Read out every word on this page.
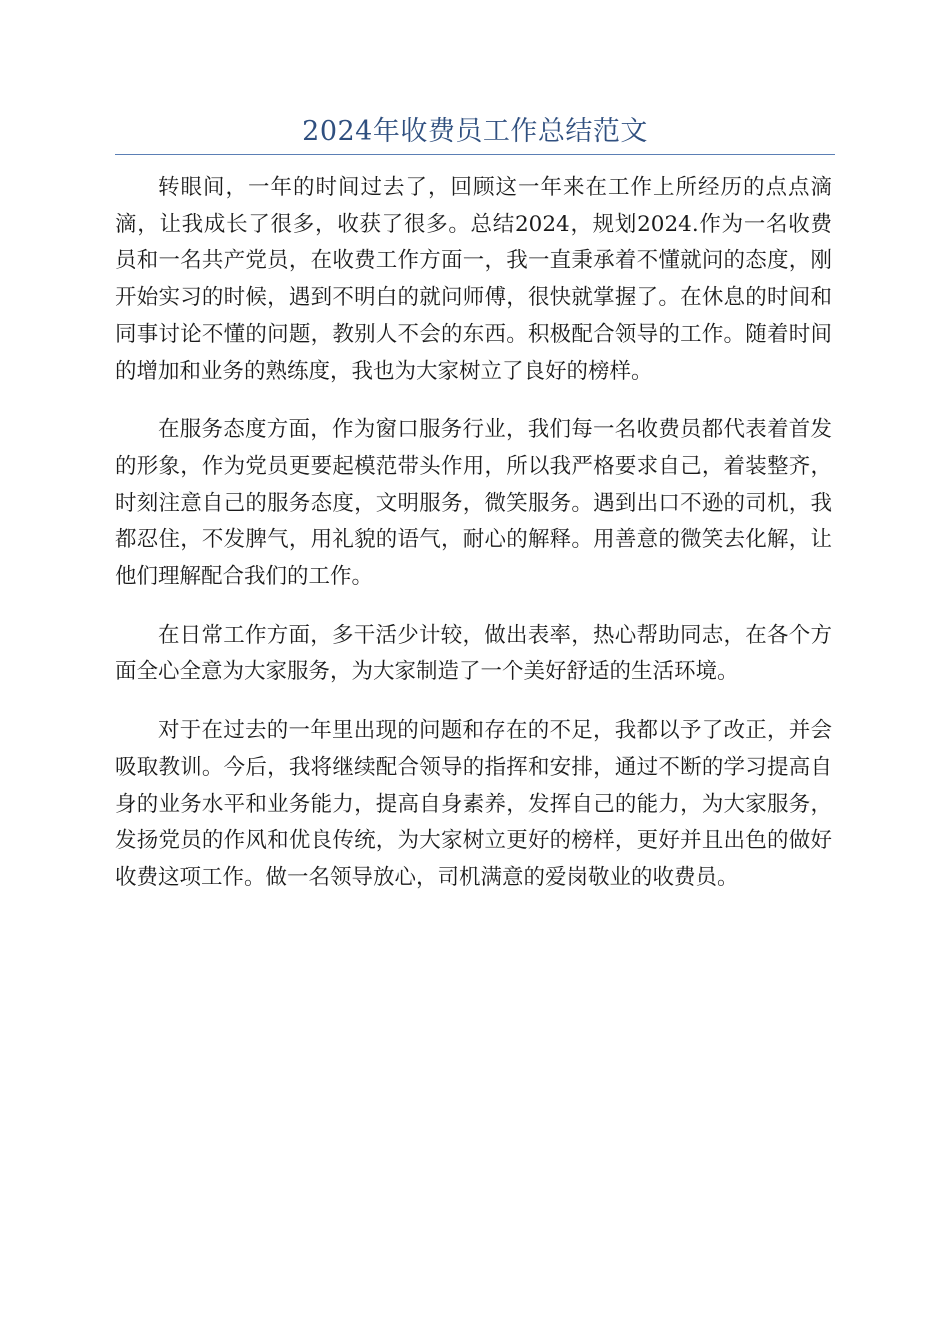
2024年收费员工作总结范文

转眼间，一年的时间过去了，回顾这一年来在工作上所经历的点点滴滴，让我成长了很多，收获了很多。总结2024，规划2024.作为一名收费员和一名共产党员，在收费工作方面一，我一直秉承着不懂就问的态度，刚开始实习的时候，遇到不明白的就问师傅，很快就掌握了。在休息的时间和同事讨论不懂的问题，教别人不会的东西。积极配合领导的工作。随着时间的增加和业务的熟练度，我也为大家树立了良好的榜样。

在服务态度方面，作为窗口服务行业，我们每一名收费员都代表着首发的形象，作为党员更要起模范带头作用，所以我严格要求自己，着装整齐，时刻注意自己的服务态度，文明服务，微笑服务。遇到出口不逊的司机，我都忍住，不发脾气，用礼貌的语气，耐心的解释。用善意的微笑去化解，让他们理解配合我们的工作。

在日常工作方面，多干活少计较，做出表率，热心帮助同志，在各个方面全心全意为大家服务，为大家制造了一个美好舒适的生活环境。

对于在过去的一年里出现的问题和存在的不足，我都以予了改正，并会吸取教训。今后，我将继续配合领导的指挥和安排，通过不断的学习提高自身的业务水平和业务能力，提高自身素养，发挥自己的能力，为大家服务，发扬党员的作风和优良传统，为大家树立更好的榜样，更好并且出色的做好收费这项工作。做一名领导放心，司机满意的爱岗敬业的收费员。
